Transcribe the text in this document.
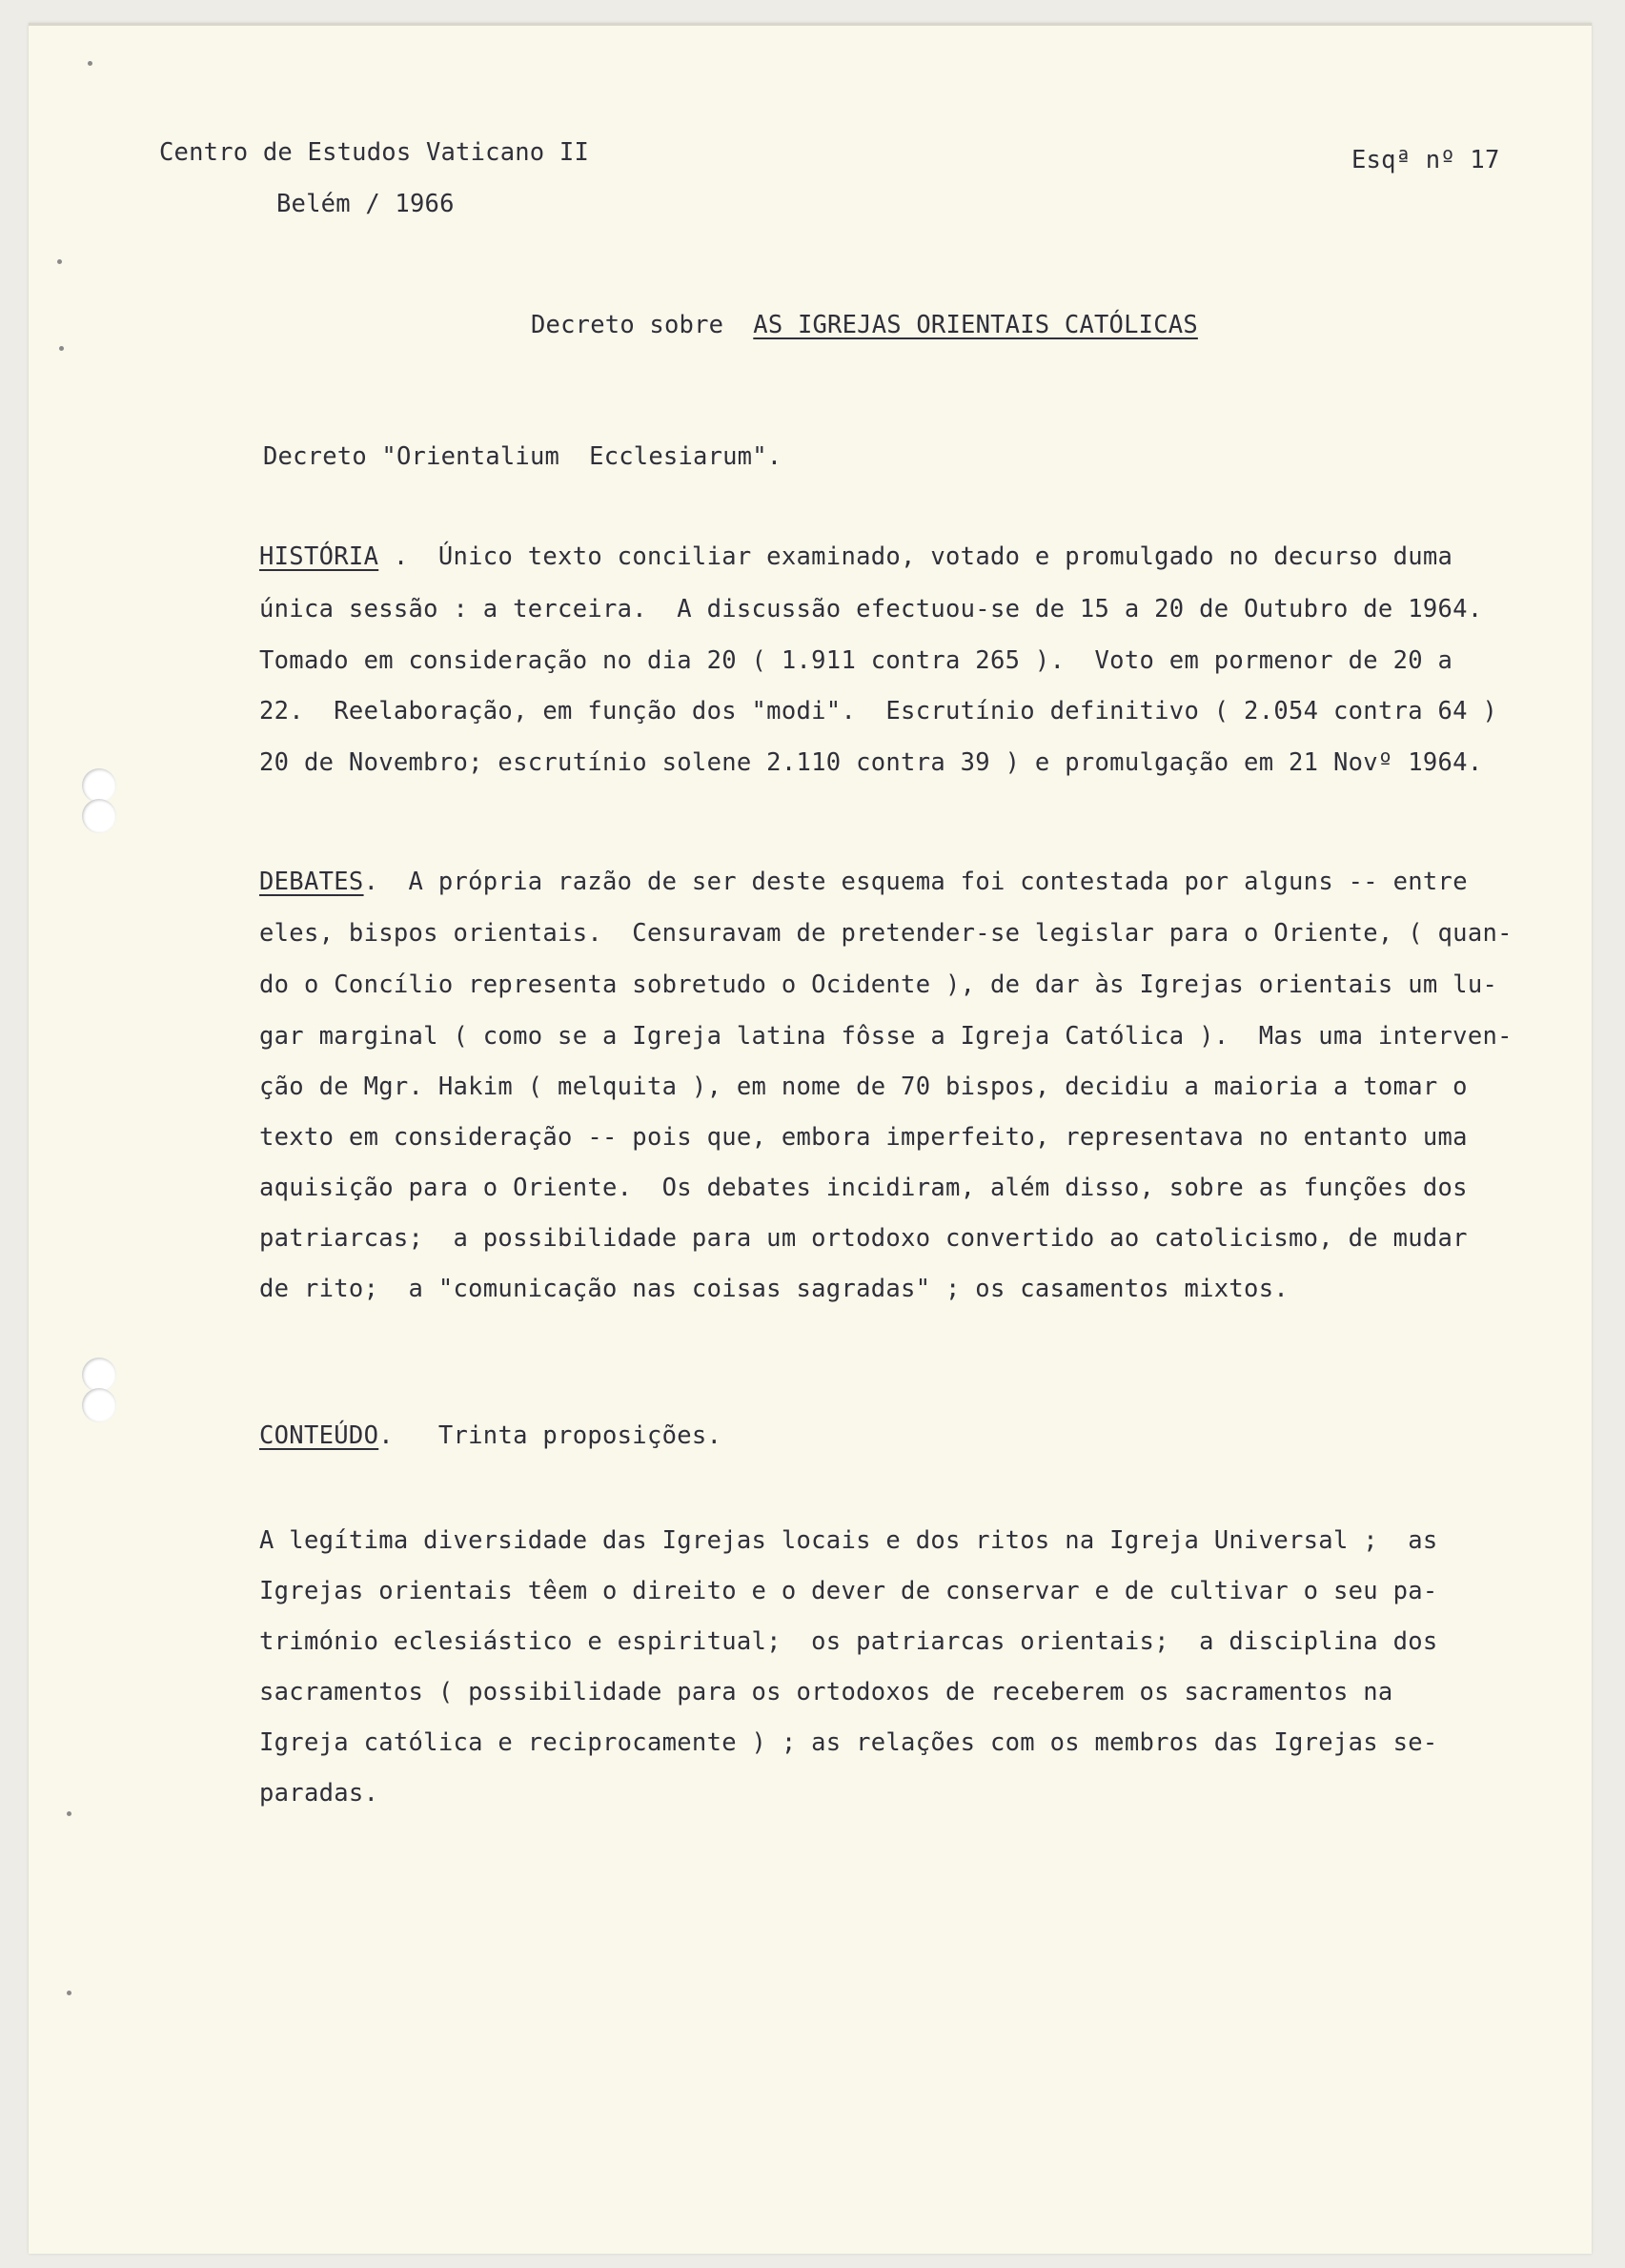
Centro de Estudos Vaticano II
Belém / 1966
Esqª nº 17
Decreto sobre AS IGREJAS ORIENTAIS CATÓLICAS
Decreto "Orientalium  Ecclesiarum".
HISTÓRIA .  Único texto conciliar examinado, votado e promulgado no decurso duma
única sessão : a terceira.  A discussão efectuou-se de 15 a 20 de Outubro de 1964.
Tomado em consideração no dia 20 ( 1.911 contra 265 ).  Voto em pormenor de 20 a
22.  Reelaboração, em função dos "modi".  Escrutínio definitivo ( 2.054 contra 64 )
20 de Novembro; escrutínio solene 2.110 contra 39 ) e promulgação em 21 Novº 1964.
DEBATES.  A própria razão de ser deste esquema foi contestada por alguns -- entre
eles, bispos orientais.  Censuravam de pretender-se legislar para o Oriente, ( quan-
do o Concílio representa sobretudo o Ocidente ), de dar às Igrejas orientais um lu-
gar marginal ( como se a Igreja latina fôsse a Igreja Católica ).  Mas uma interven-
ção de Mgr. Hakim ( melquita ), em nome de 70 bispos, decidiu a maioria a tomar o
texto em consideração -- pois que, embora imperfeito, representava no entanto uma
aquisição para o Oriente.  Os debates incidiram, além disso, sobre as funções dos
patriarcas;  a possibilidade para um ortodoxo convertido ao catolicismo, de mudar
de rito;  a "comunicação nas coisas sagradas" ; os casamentos mixtos.
CONTEÚDO.   Trinta proposições.
A legítima diversidade das Igrejas locais e dos ritos na Igreja Universal ;  as
Igrejas orientais têem o direito e o dever de conservar e de cultivar o seu pa-
trimónio eclesiástico e espiritual;  os patriarcas orientais;  a disciplina dos
sacramentos ( possibilidade para os ortodoxos de receberem os sacramentos na
Igreja católica e reciprocamente ) ; as relações com os membros das Igrejas se-
paradas.
